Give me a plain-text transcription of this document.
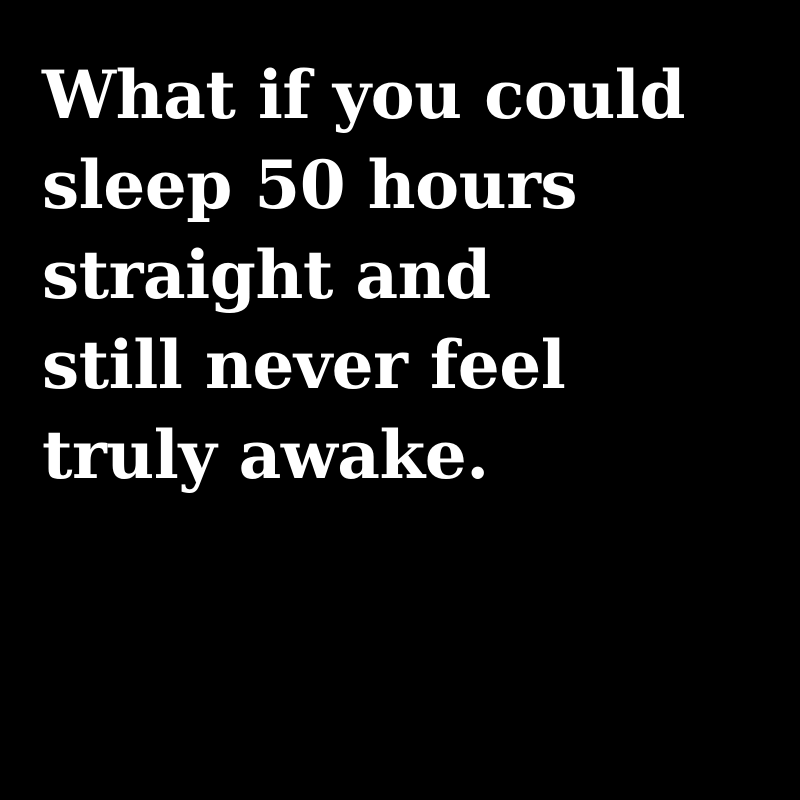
What if you could
sleep 50 hours
straight and
still never feel
truly awake.
